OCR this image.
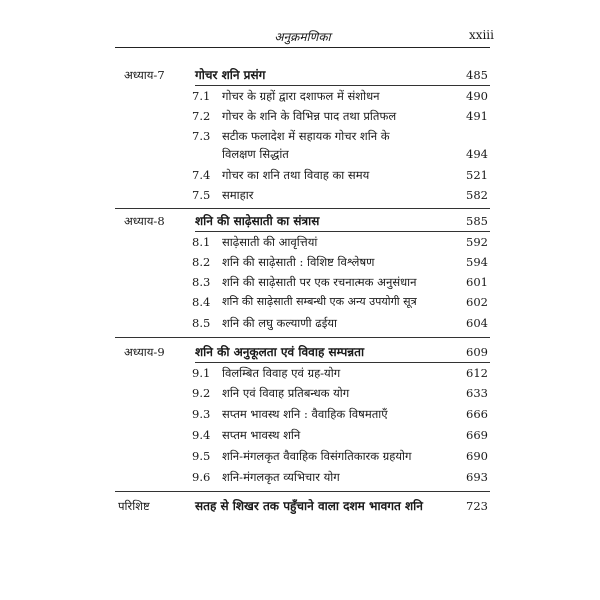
अनुक्रमणिका	xxiii
अध्याय-7	गोचर शनि प्रसंग	485
7.1 गोचर के ग्रहों द्वारा दशाफल में संशोधन	490
7.2 गोचर के शनि के विभिन्न पाद तथा प्रतिफल	491
7.3 सटीक फलादेश में सहायक गोचर शनि के
विलक्षण सिद्धांत	494
7.4 गोचर का शनि तथा विवाह का समय	521
7.5 समाहार	582
अध्याय-8	शनि की साढ़ेसाती का संत्रास	585
8.1 साढ़ेसाती की आवृत्तियां	592
8.2 शनि की साढ़ेसाती : विशिष्ट विश्लेषण	594
8.3 शनि की साढ़ेसाती पर एक रचनात्मक अनुसंधान	601
8.4 शनि की साढ़ेसाती सम्बन्धी एक अन्य उपयोगी सूत्र	602
8.5 शनि की लघु कल्याणी ढईया	604
अध्याय-9	शनि की अनुकूलता एवं विवाह सम्पन्नता	609
9.1 विलम्बित विवाह एवं ग्रह-योग	612
9.2 शनि एवं विवाह प्रतिबन्धक योग	633
9.3 सप्तम भावस्थ शनि : वैवाहिक विषमताएँ	666
9.4 सप्तम भावस्थ शनि	669
9.5 शनि-मंगलकृत वैवाहिक विसंगतिकारक ग्रहयोग	690
9.6 शनि-मंगलकृत व्यभिचार योग	693
परिशिष्ट	सतह से शिखर तक पहुँचाने वाला दशम भावगत शनि	723
